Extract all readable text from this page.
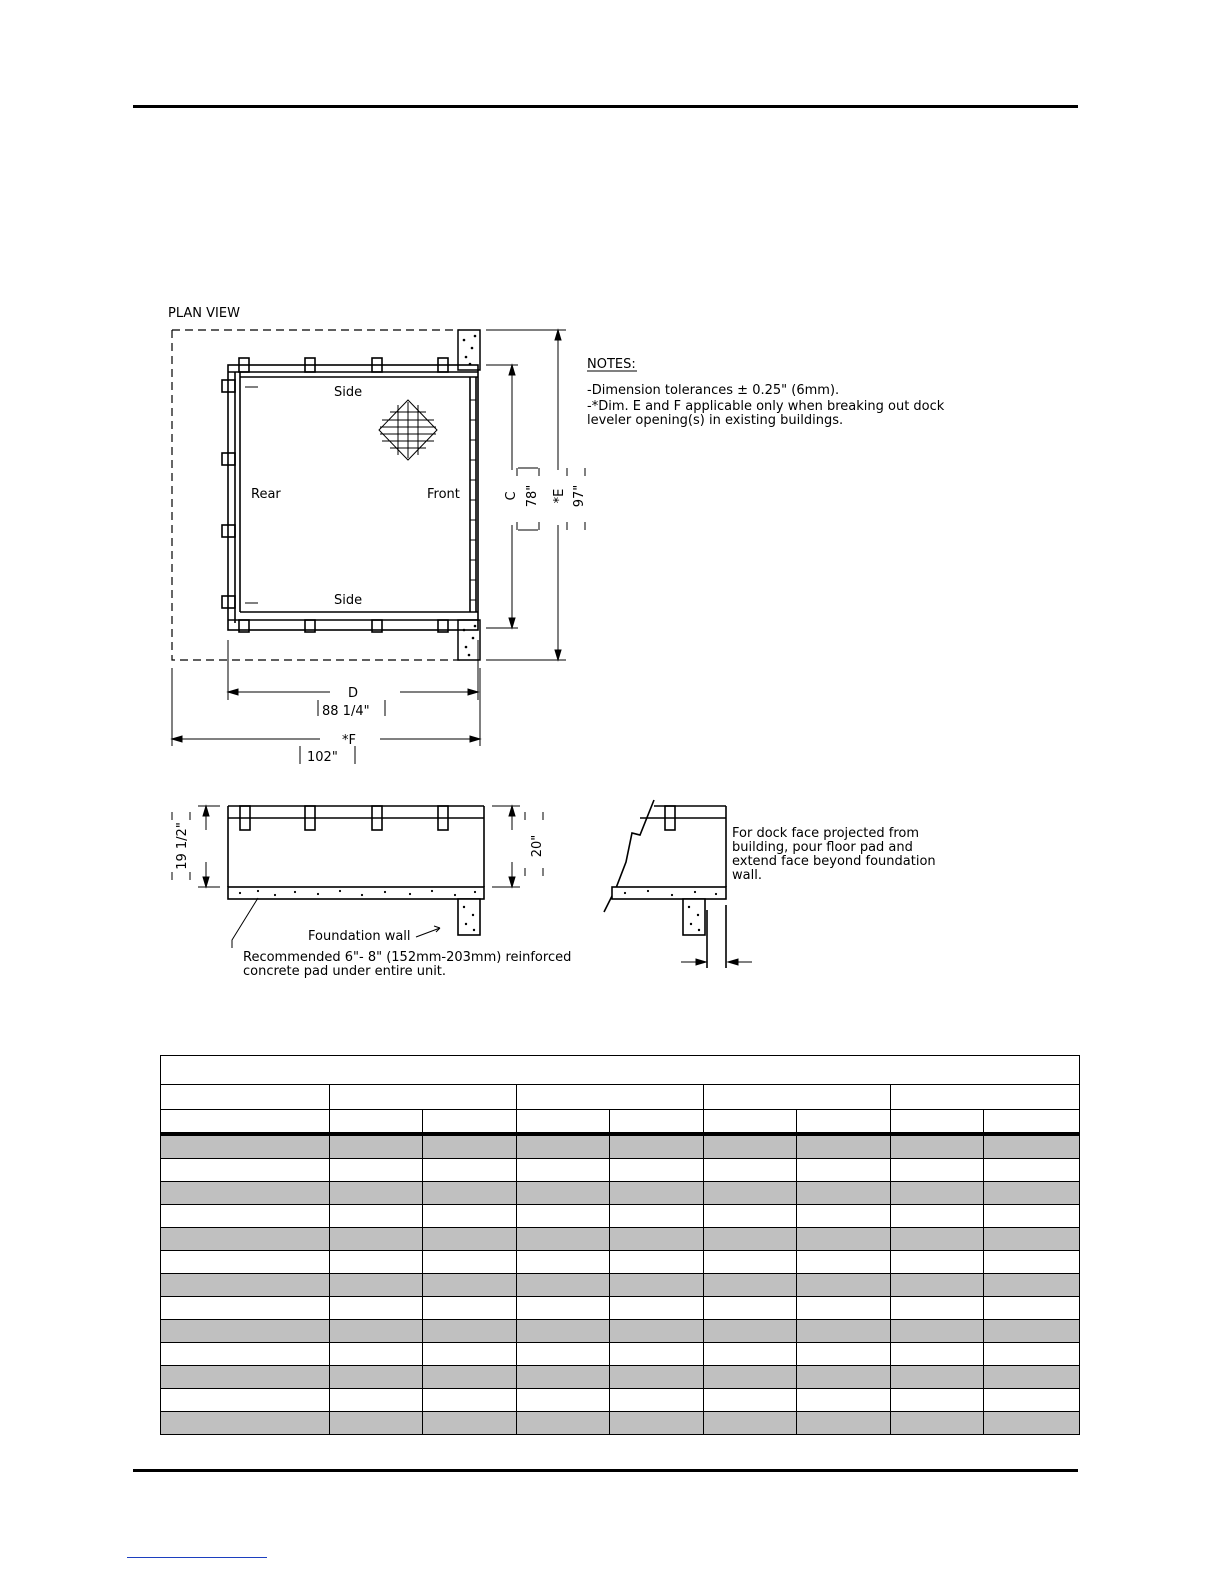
PLAN VIEW
Side
Side
Rear	Front	C 78" *E 97"
D
88 1/4"
*F
102"
NOTES:
-Dimension tolerances ± 0.25" (6mm).
-*Dim. E and F applicable only when breaking out dock
leveler opening(s) in existing buildings.
19 1/2"	20"
Foundation wall
Recommended 6"- 8" (152mm-203mm) reinforced
concrete pad under entire unit.
For dock face projected from
building, pour floor pad and
extend face beyond foundation
wall.
